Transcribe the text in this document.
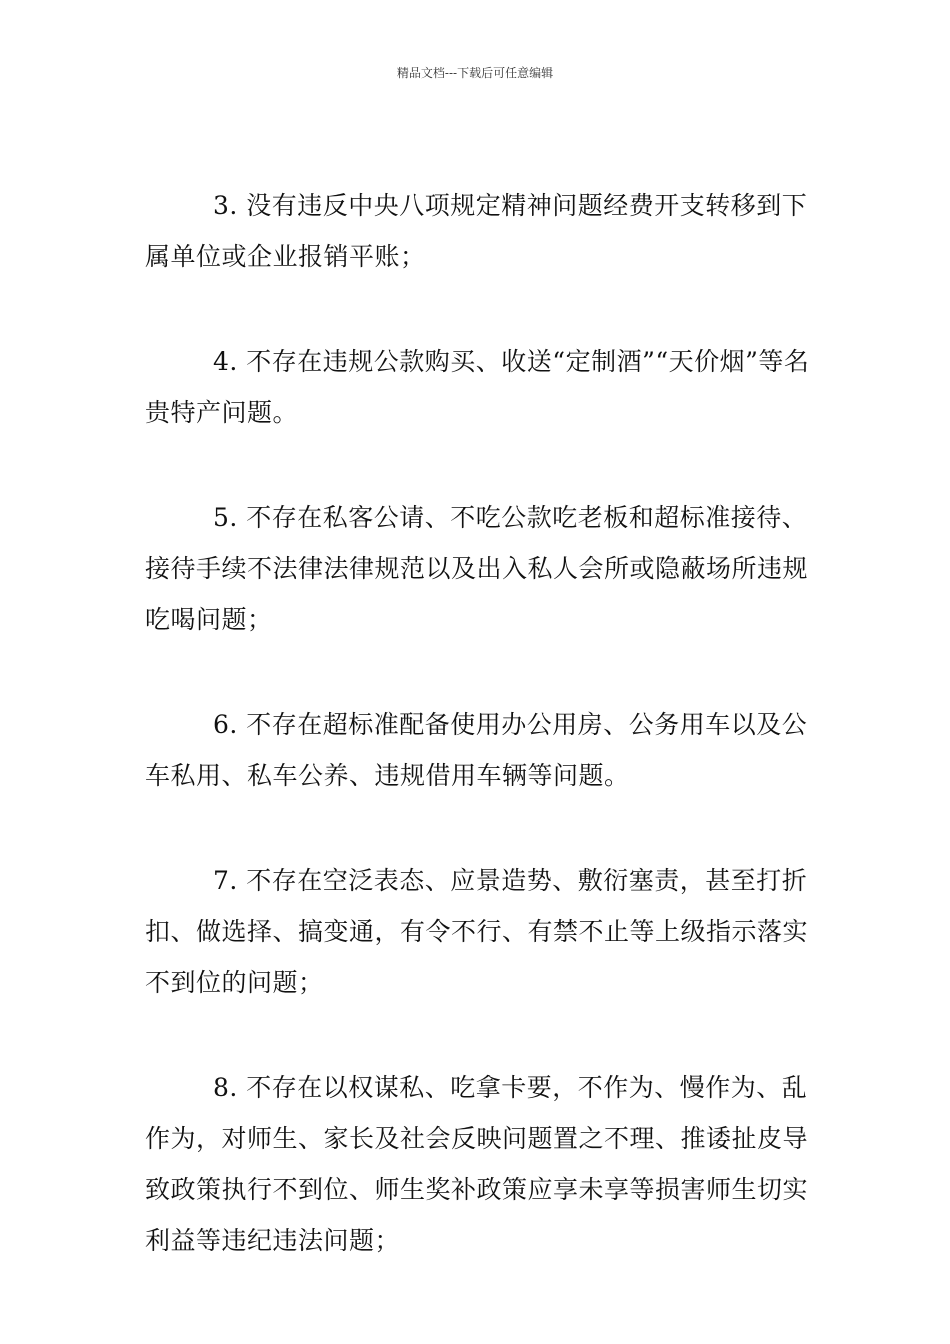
精品文档---下载后可任意编辑

3. 没有违反中央八项规定精神问题经费开支转移到下属单位或企业报销平账；

4. 不存在违规公款购买、收送“定制酒”“天价烟”等名贵特产问题。

5. 不存在私客公请、不吃公款吃老板和超标准接待、接待手续不法律法律规范以及出入私人会所或隐蔽场所违规吃喝问题；

6. 不存在超标准配备使用办公用房、公务用车以及公车私用、私车公养、违规借用车辆等问题。

7. 不存在空泛表态、应景造势、敷衍塞责，甚至打折扣、做选择、搞变通，有令不行、有禁不止等上级指示落实不到位的问题；

8. 不存在以权谋私、吃拿卡要，不作为、慢作为、乱作为，对师生、家长及社会反映问题置之不理、推诿扯皮导致政策执行不到位、师生奖补政策应享未享等损害师生切实利益等违纪违法问题；
